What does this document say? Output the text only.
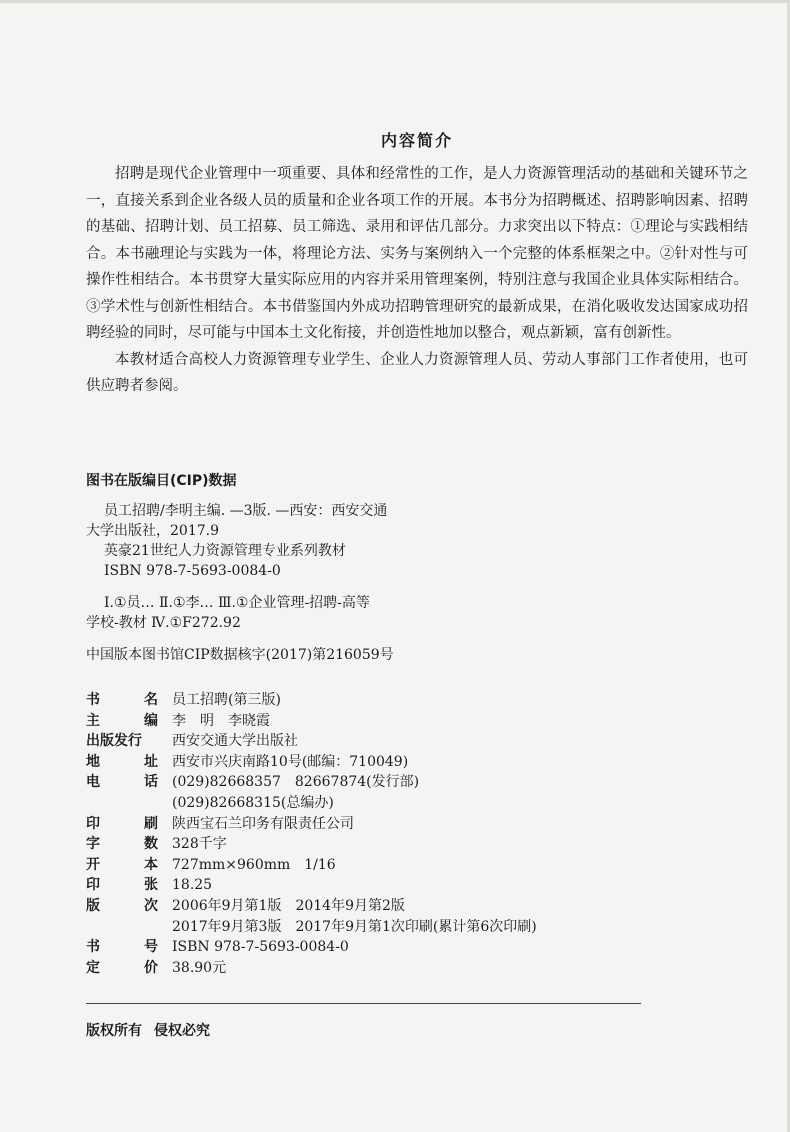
内容简介

招聘是现代企业管理中一项重要、具体和经常性的工作，是人力资源管理活动的基础和关键环节之一，直接关系到企业各级人员的质量和企业各项工作的开展。本书分为招聘概述、招聘影响因素、招聘的基础、招聘计划、员工招募、员工筛选、录用和评估几部分。力求突出以下特点：①理论与实践相结合。本书融理论与实践为一体，将理论方法、实务与案例纳入一个完整的体系框架之中。②针对性与可操作性相结合。本书贯穿大量实际应用的内容并采用管理案例，特别注意与我国企业具体实际相结合。③学术性与创新性相结合。本书借鉴国内外成功招聘管理研究的最新成果，在消化吸收发达国家成功招聘经验的同时，尽可能与中国本土文化衔接，并创造性地加以整合，观点新颖，富有创新性。

本教材适合高校人力资源管理专业学生、企业人力资源管理人员、劳动人事部门工作者使用，也可供应聘者参阅。

图书在版编目(CIP)数据

员工招聘/李明主编. —3版. —西安：西安交通

大学出版社，2017.9

英豪21世纪人力资源管理专业系列教材

ISBN 978-7-5693-0084-0

Ⅰ.①员… Ⅱ.①李… Ⅲ.①企业管理-招聘-高等

学校-教材 Ⅳ.①F272.92

中国版本图书馆CIP数据核字(2017)第216059号

书	名 员工招聘(第三版)
主	编 李　明　李晓霞
出版发行 西安交通大学出版社
地	址 西安市兴庆南路10号(邮编：710049)
电	话 (029)82668357　82667874(发行部)
(029)82668315(总编办)
印	刷 陕西宝石兰印务有限责任公司
字	数 328千字
开	本 727mm×960mm　1/16
印	张 18.25
版	次 2006年9月第1版　2014年9月第2版
2017年9月第3版　2017年9月第1次印刷(累计第6次印刷)
书	号 ISBN 978-7-5693-0084-0
定	价 38.90元
版权所有 侵权必究
